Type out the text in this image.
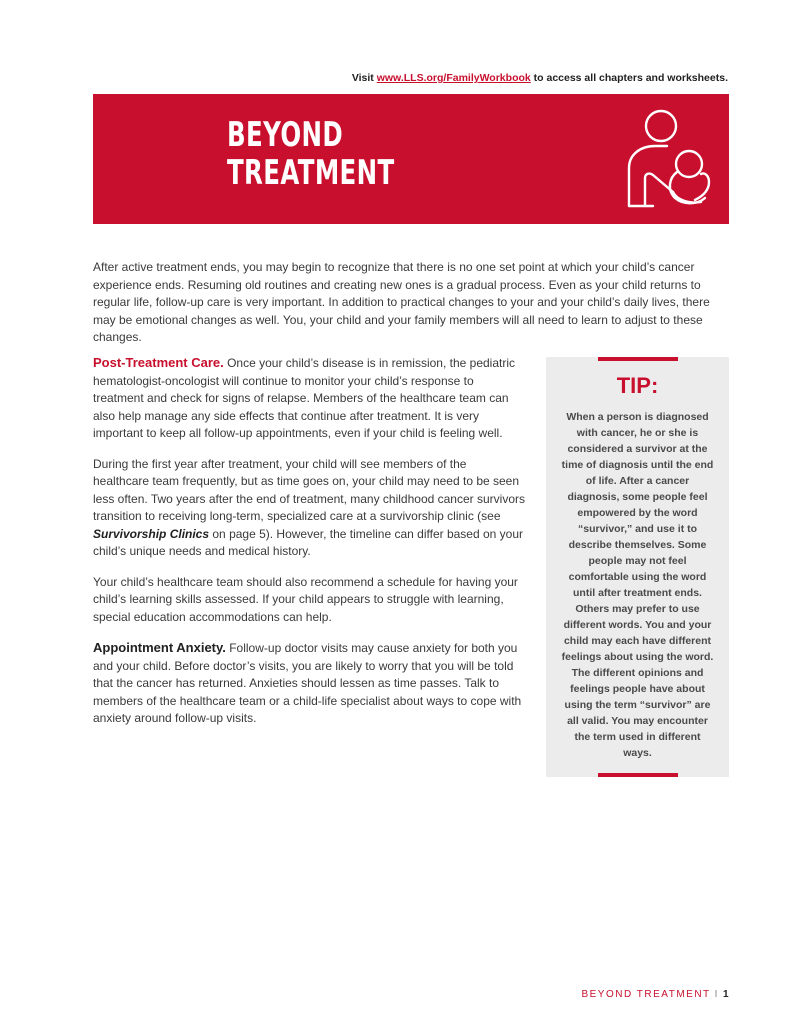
Visit www.LLS.org/FamilyWorkbook to access all chapters and worksheets.
BEYOND
TREATMENT
After active treatment ends, you may begin to recognize that there is no one set point at which your child’s cancer experience ends. Resuming old routines and creating new ones is a gradual process. Even as your child returns to regular life, follow-up care is very important. In addition to practical changes to your and your child’s daily lives, there may be emotional changes as well. You, your child and your family members will all need to learn to adjust to these changes.

Post-Treatment Care. Once your child’s disease is in remission, the pediatric hematologist-oncologist will continue to monitor your child’s response to treatment and check for signs of relapse. Members of the healthcare team can also help manage any side effects that continue after treatment. It is very important to keep all follow-up appointments, even if your child is feeling well.

During the first year after treatment, your child will see members of the healthcare team frequently, but as time goes on, your child may need to be seen less often. Two years after the end of treatment, many childhood cancer survivors transition to receiving long-term, specialized care at a survivorship clinic (see Survivorship Clinics on page 5). However, the timeline can differ based on your child’s unique needs and medical history.

Your child’s healthcare team should also recommend a schedule for having your child’s learning skills assessed. If your child appears to struggle with learning, special education accommodations can help.

Appointment Anxiety. Follow-up doctor visits may cause anxiety for both you and your child. Before doctor’s visits, you are likely to worry that you will be told that the cancer has returned. Anxieties should lessen as time passes. Talk to members of the healthcare team or a child-life specialist about ways to cope with anxiety around follow-up visits.

TIP:
When a person is diagnosed with cancer, he or she is considered a survivor at the time of diagnosis until the end of life. After a cancer diagnosis, some people feel empowered by the word “survivor,” and use it to describe themselves. Some people may not feel comfortable using the word until after treatment ends. Others may prefer to use different words. You and your child may each have different feelings about using the word. The different opinions and feelings people have about using the term “survivor” are all valid. You may encounter the term used in different ways.
BEYOND TREATMENT I 1
